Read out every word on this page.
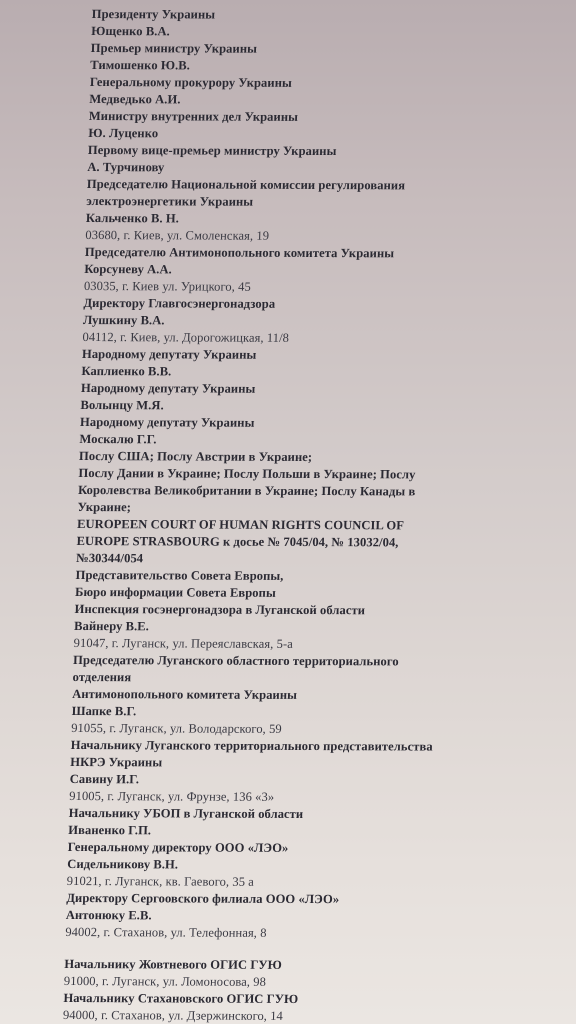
Президенту Украины
Ющенко В.А.
Премьер министру Украины
Тимошенко Ю.В.
Генеральному прокурору Украины
Медведько А.И.
Министру внутренних дел Украины
Ю. Луценко
Первому вице-премьер министру Украины
А. Турчинову
Председателю Национальной комиссии регулирования
электроэнергетики Украины
Кальченко В. Н.
03680, г. Киев, ул. Смоленская, 19
Председателю Антимонопольного комитета Украины
Корсуневу А.А.
03035, г. Киев ул. Урицкого, 45
Директору Главгосэнергонадзора
Лушкину В.А.
04112, г. Киев, ул. Дорогожицкая, 11/8
Народному депутату Украины
Каплиенко В.В.
Народному депутату Украины
Волынцу М.Я.
Народному депутату Украины
Москалю Г.Г.
Послу США; Послу Австрии в Украине;
Послу Дании в Украине; Послу Польши в Украине; Послу
Королевства Великобритании в Украине; Послу Канады в
Украине;
EUROPEEN COURT OF HUMAN RIGHTS COUNCIL OF
EUROPE STRASBOURG к досье № 7045/04, № 13032/04,
№30344/054
Представительство Совета Европы,
Бюро информации Совета Европы
Инспекция госэнергонадзора в Луганской области
Вайнеру В.Е.
91047, г. Луганск, ул. Переяславская, 5-а
Председателю Луганского областного территориального
отделения
Антимонопольного комитета Украины
Шапке В.Г.
91055, г. Луганск, ул. Володарского, 59
Начальнику Луганского территориального представительства
НКРЭ Украины
Савину И.Г.
91005, г. Луганск, ул. Фрунзе, 136 «3»
Начальнику УБОП в Луганской области
Иваненко Г.П.
Генеральному директору ООО «ЛЭО»
Сидельникову В.Н.
91021, г. Луганск, кв. Гаевого, 35 а
Директору Сергоовского филиала ООО «ЛЭО»
Антонюку Е.В.
94002, г. Стаханов, ул. Телефонная, 8
Начальнику Жовтневого ОГИС ГУЮ
91000, г. Луганск, ул. Ломоносова, 98
Начальнику Стахановского ОГИС ГУЮ
94000, г. Стаханов, ул. Дзержинского, 14
